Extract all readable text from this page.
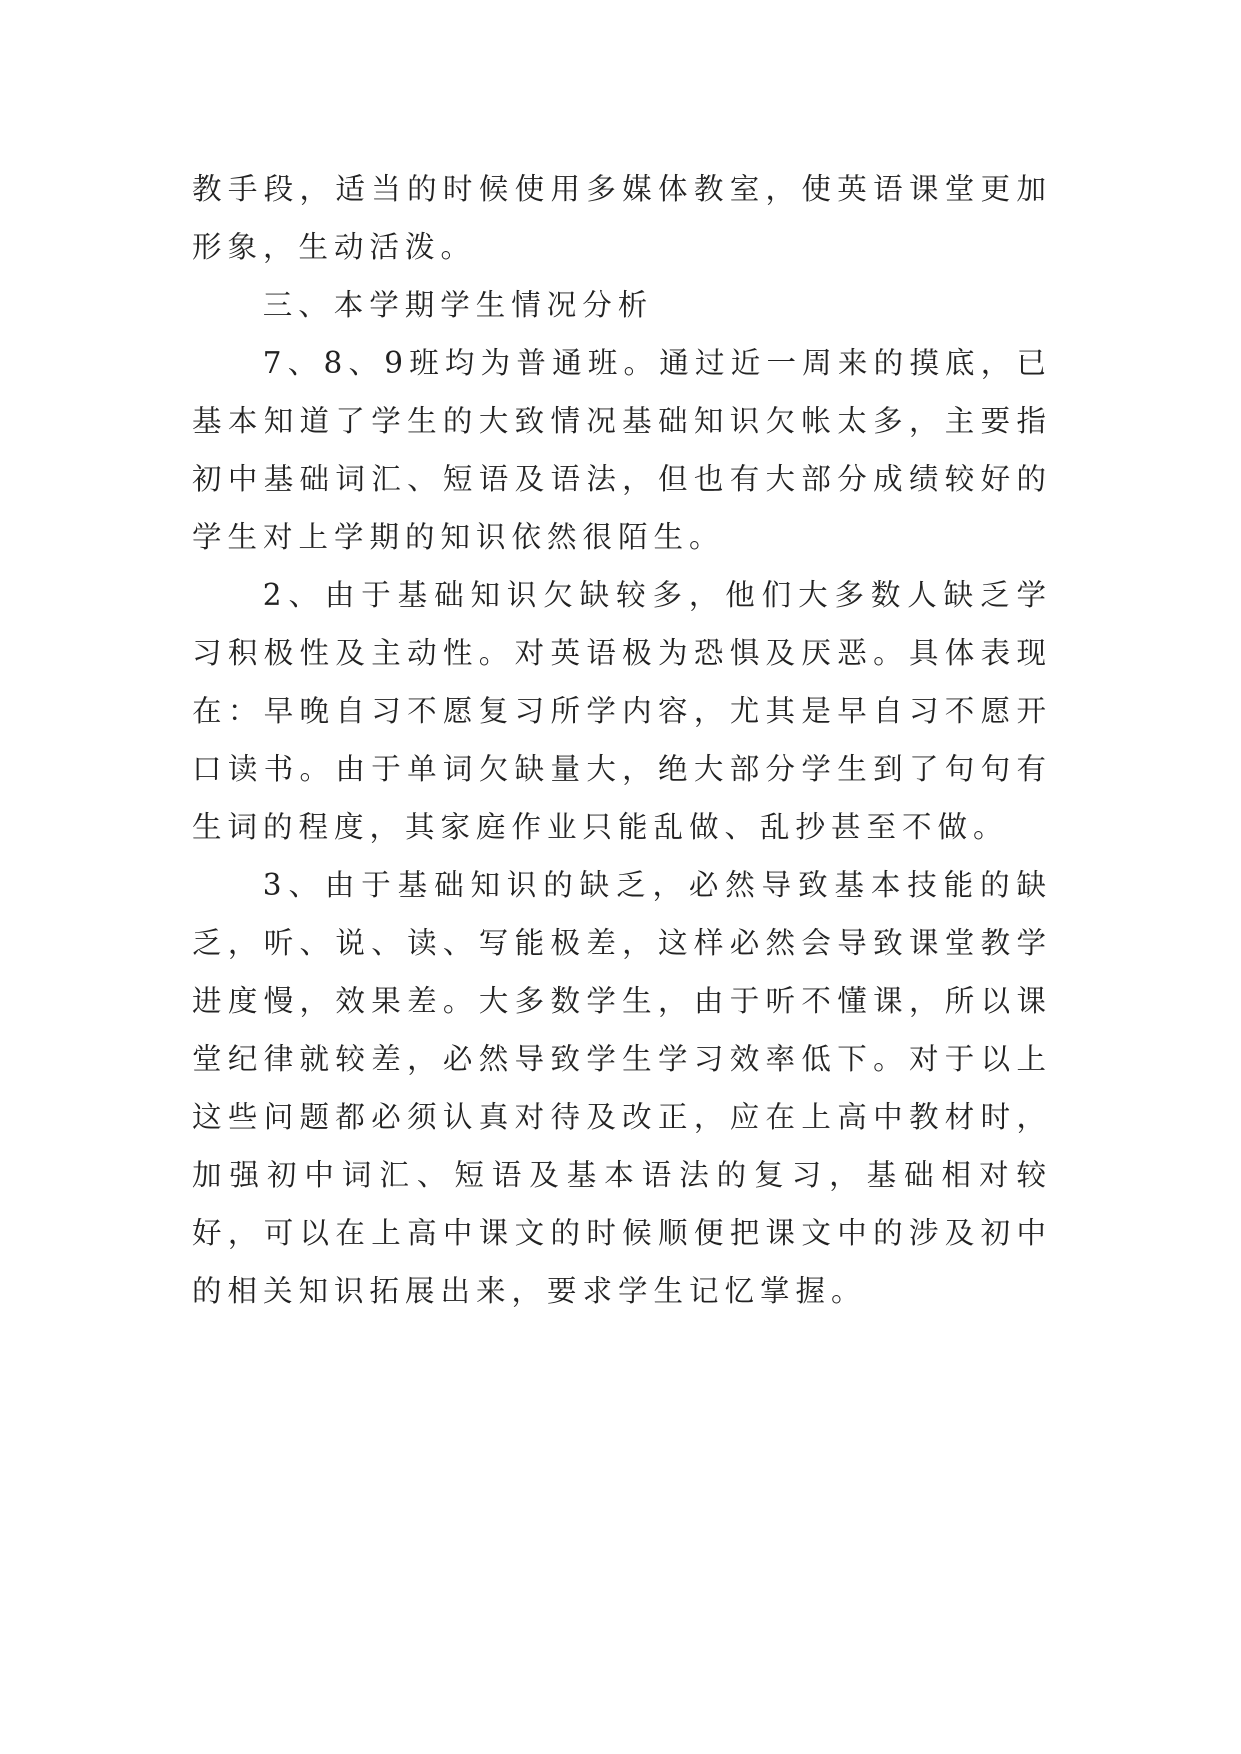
教手段，适当的时候使用多媒体教室，使英语课堂更加形象，生动活泼。

三、本学期学生情况分析

7、8、9班均为普通班。通过近一周来的摸底，已基本知道了学生的大致情况基础知识欠帐太多，主要指初中基础词汇、短语及语法，但也有大部分成绩较好的学生对上学期的知识依然很陌生。

2、由于基础知识欠缺较多，他们大多数人缺乏学习积极性及主动性。对英语极为恐惧及厌恶。具体表现在：早晚自习不愿复习所学内容，尤其是早自习不愿开口读书。由于单词欠缺量大，绝大部分学生到了句句有生词的程度，其家庭作业只能乱做、乱抄甚至不做。

3、由于基础知识的缺乏，必然导致基本技能的缺乏，听、说、读、写能极差，这样必然会导致课堂教学进度慢，效果差。大多数学生，由于听不懂课，所以课堂纪律就较差，必然导致学生学习效率低下。对于以上这些问题都必须认真对待及改正，应在上高中教材时，加强初中词汇、短语及基本语法的复习，基础相对较好，可以在上高中课文的时候顺便把课文中的涉及初中的相关知识拓展出来，要求学生记忆掌握。
